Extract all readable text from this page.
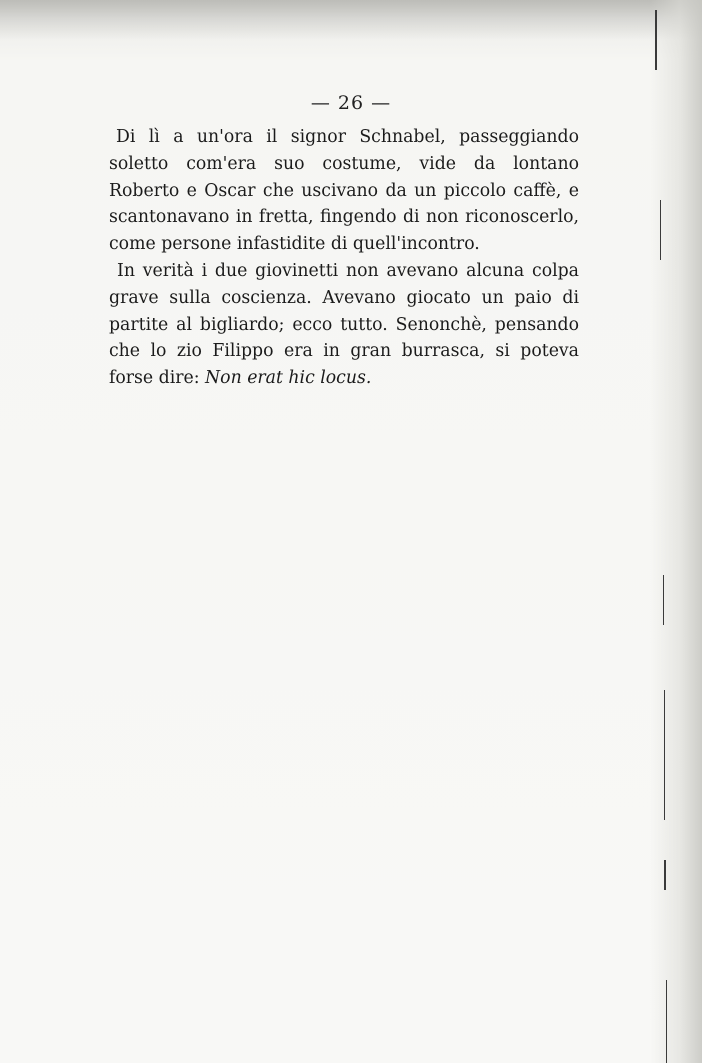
— 26 —

Di lì a un'ora il signor Schnabel, passeggiando soletto com'era suo costume, vide da lontano Roberto e Oscar che uscivano da un piccolo caffè, e scantonavano in fretta, fingendo di non riconoscerlo, come persone infastidite di quell'incontro.

In verità i due giovinetti non avevano alcuna colpa grave sulla coscienza. Avevano giocato un paio di partite al bigliardo; ecco tutto. Senonchè, pensando che lo zio Filippo era in gran burrasca, si poteva forse dire: Non erat hic locus.
